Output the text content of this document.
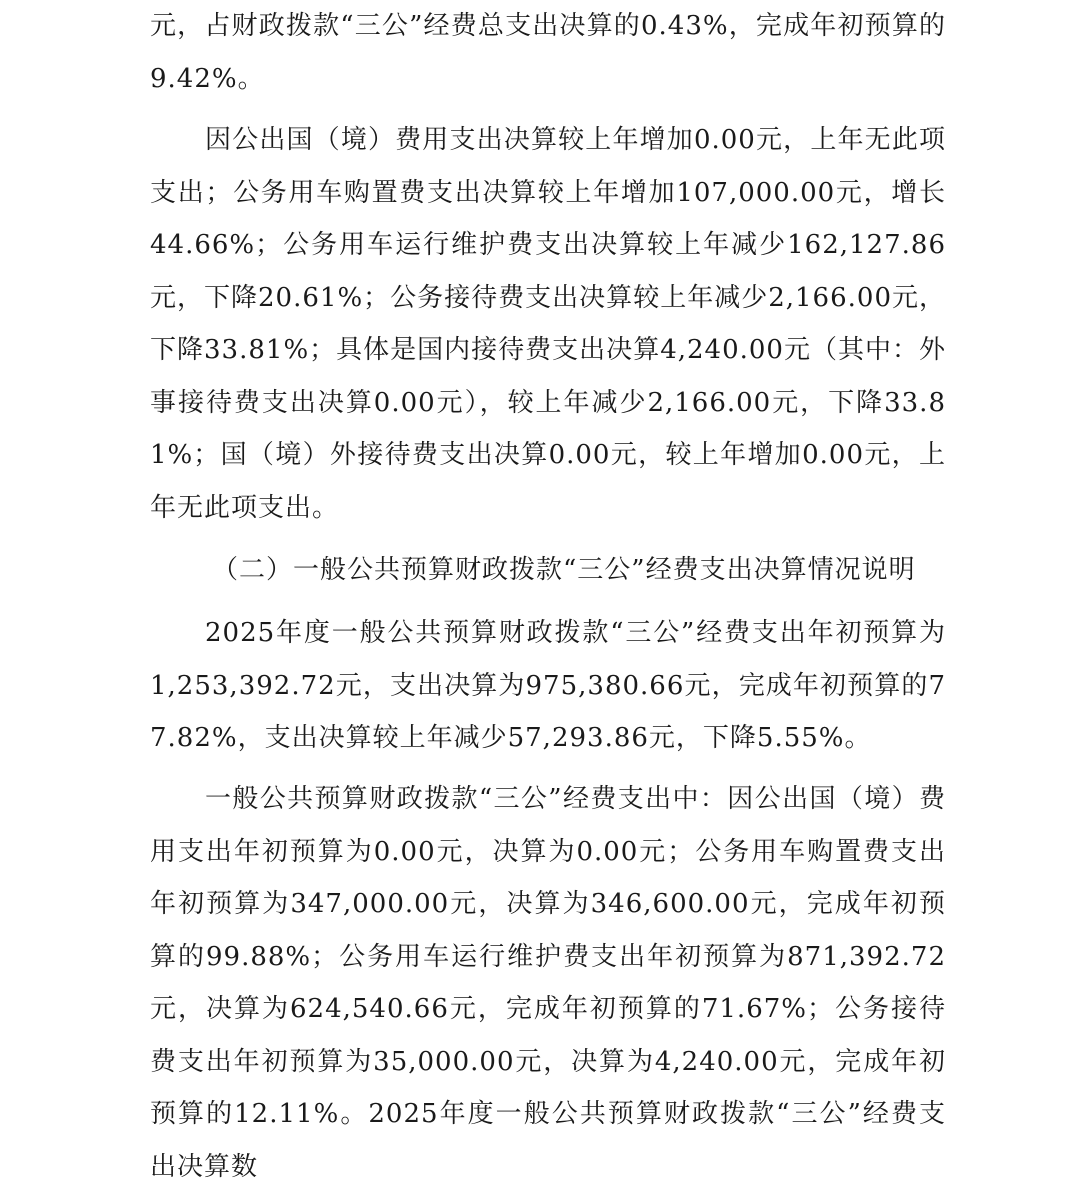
元，占财政拨款“三公”经费总支出决算的0.43%，完成年初预算的9.42%。

因公出国（境）费用支出决算较上年增加0.00元，上年无此项支出；公务用车购置费支出决算较上年增加107,000.00元，增长44.66%；公务用车运行维护费支出决算较上年减少162,127.86元，下降20.61%；公务接待费支出决算较上年减少2,166.00元，下降33.81%；具体是国内接待费支出决算4,240.00元（其中：外事接待费支出决算0.00元），较上年减少2,166.00元，下降33.81%；国（境）外接待费支出决算0.00元，较上年增加0.00元，上年无此项支出。

（二）一般公共预算财政拨款“三公”经费支出决算情况说明

2025年度一般公共预算财政拨款“三公”经费支出年初预算为1,253,392.72元，支出决算为975,380.66元，完成年初预算的77.82%，支出决算较上年减少57,293.86元，下降5.55%。

一般公共预算财政拨款“三公”经费支出中：因公出国（境）费用支出年初预算为0.00元，决算为0.00元；公务用车购置费支出年初预算为347,000.00元，决算为346,600.00元，完成年初预算的99.88%；公务用车运行维护费支出年初预算为871,392.72元，决算为624,540.66元，完成年初预算的71.67%；公务接待费支出年初预算为35,000.00元，决算为4,240.00元，完成年初预算的12.11%。2025年度一般公共预算财政拨款“三公”经费支出决算数
